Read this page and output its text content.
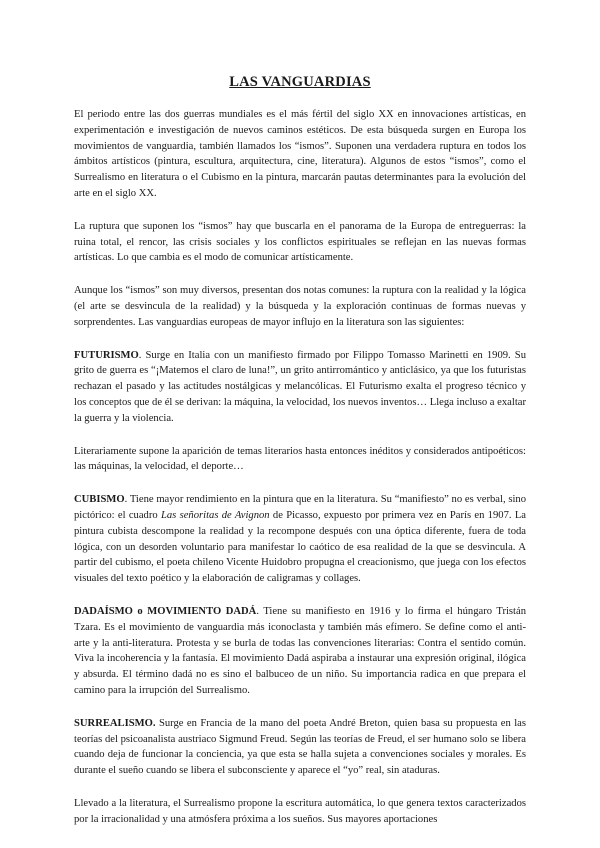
LAS VANGUARDIAS

El periodo entre las dos guerras mundiales es el más fértil del siglo XX en innovaciones artísticas, en experimentación e investigación de nuevos caminos estéticos. De esta búsqueda surgen en Europa los movimientos de vanguardia, también llamados los “ismos”. Suponen una verdadera ruptura en todos los ámbitos artísticos (pintura, escultura, arquitectura, cine, literatura). Algunos de estos “ismos”, como el Surrealismo en literatura o el Cubismo en la pintura, marcarán pautas determinantes para la evolución del arte en el siglo XX.

La ruptura que suponen los “ismos” hay que buscarla en el panorama de la Europa de entreguerras: la ruina total, el rencor, las crisis sociales y los conflictos espirituales se reflejan en las nuevas formas artísticas. Lo que cambia es el modo de comunicar artísticamente.

Aunque los “ismos” son muy diversos, presentan dos notas comunes: la ruptura con la realidad y la lógica (el arte se desvincula de la realidad) y la búsqueda y la exploración continuas de formas nuevas y sorprendentes. Las vanguardias europeas de mayor influjo en la literatura son las siguientes:

FUTURISMO. Surge en Italia con un manifiesto firmado por Filippo Tomasso Marinetti en 1909. Su grito de guerra es “¡Matemos el claro de luna!”, un grito antirromántico y anticlásico, ya que los futuristas rechazan el pasado y las actitudes nostálgicas y melancólicas. El Futurismo exalta el progreso técnico y los conceptos que de él se derivan: la máquina, la velocidad, los nuevos inventos… Llega incluso a exaltar la guerra y la violencia.

Literariamente supone la aparición de temas literarios hasta entonces inéditos y considerados antipoéticos: las máquinas, la velocidad, el deporte…

CUBISMO. Tiene mayor rendimiento en la pintura que en la literatura. Su “manifiesto” no es verbal, sino pictórico: el cuadro Las señoritas de Avignon de Picasso, expuesto por primera vez en París en 1907. La pintura cubista descompone la realidad y la recompone después con una óptica diferente, fuera de toda lógica, con un desorden voluntario para manifestar lo caótico de esa realidad de la que se desvincula. A partir del cubismo, el poeta chileno Vicente Huidobro propugna el creacionismo, que juega con los efectos visuales del texto poético y la elaboración de caligramas y collages.

DADAÍSMO o MOVIMIENTO DADÁ. Tiene su manifiesto en 1916 y lo firma el húngaro Tristán Tzara. Es el movimiento de vanguardia más iconoclasta y también más efímero. Se define como el anti-arte y la anti-literatura. Protesta y se burla de todas las convenciones literarias: Contra el sentido común. Viva la incoherencia y la fantasía. El movimiento Dadá aspiraba a instaurar una expresión original, ilógica y absurda. El término dadá no es sino el balbuceo de un niño. Su importancia radica en que prepara el camino para la irrupción del Surrealismo.

SURREALISMO. Surge en Francia de la mano del poeta André Breton, quien basa su propuesta en las teorías del psicoanalista austriaco Sigmund Freud. Según las teorías de Freud, el ser humano solo se libera cuando deja de funcionar la conciencia, ya que esta se halla sujeta a convenciones sociales y morales. Es durante el sueño cuando se libera el subconsciente y aparece el “yo” real, sin ataduras.

Llevado a la literatura, el Surrealismo propone la escritura automática, lo que genera textos caracterizados por la irracionalidad y una atmósfera próxima a los sueños. Sus mayores aportaciones
